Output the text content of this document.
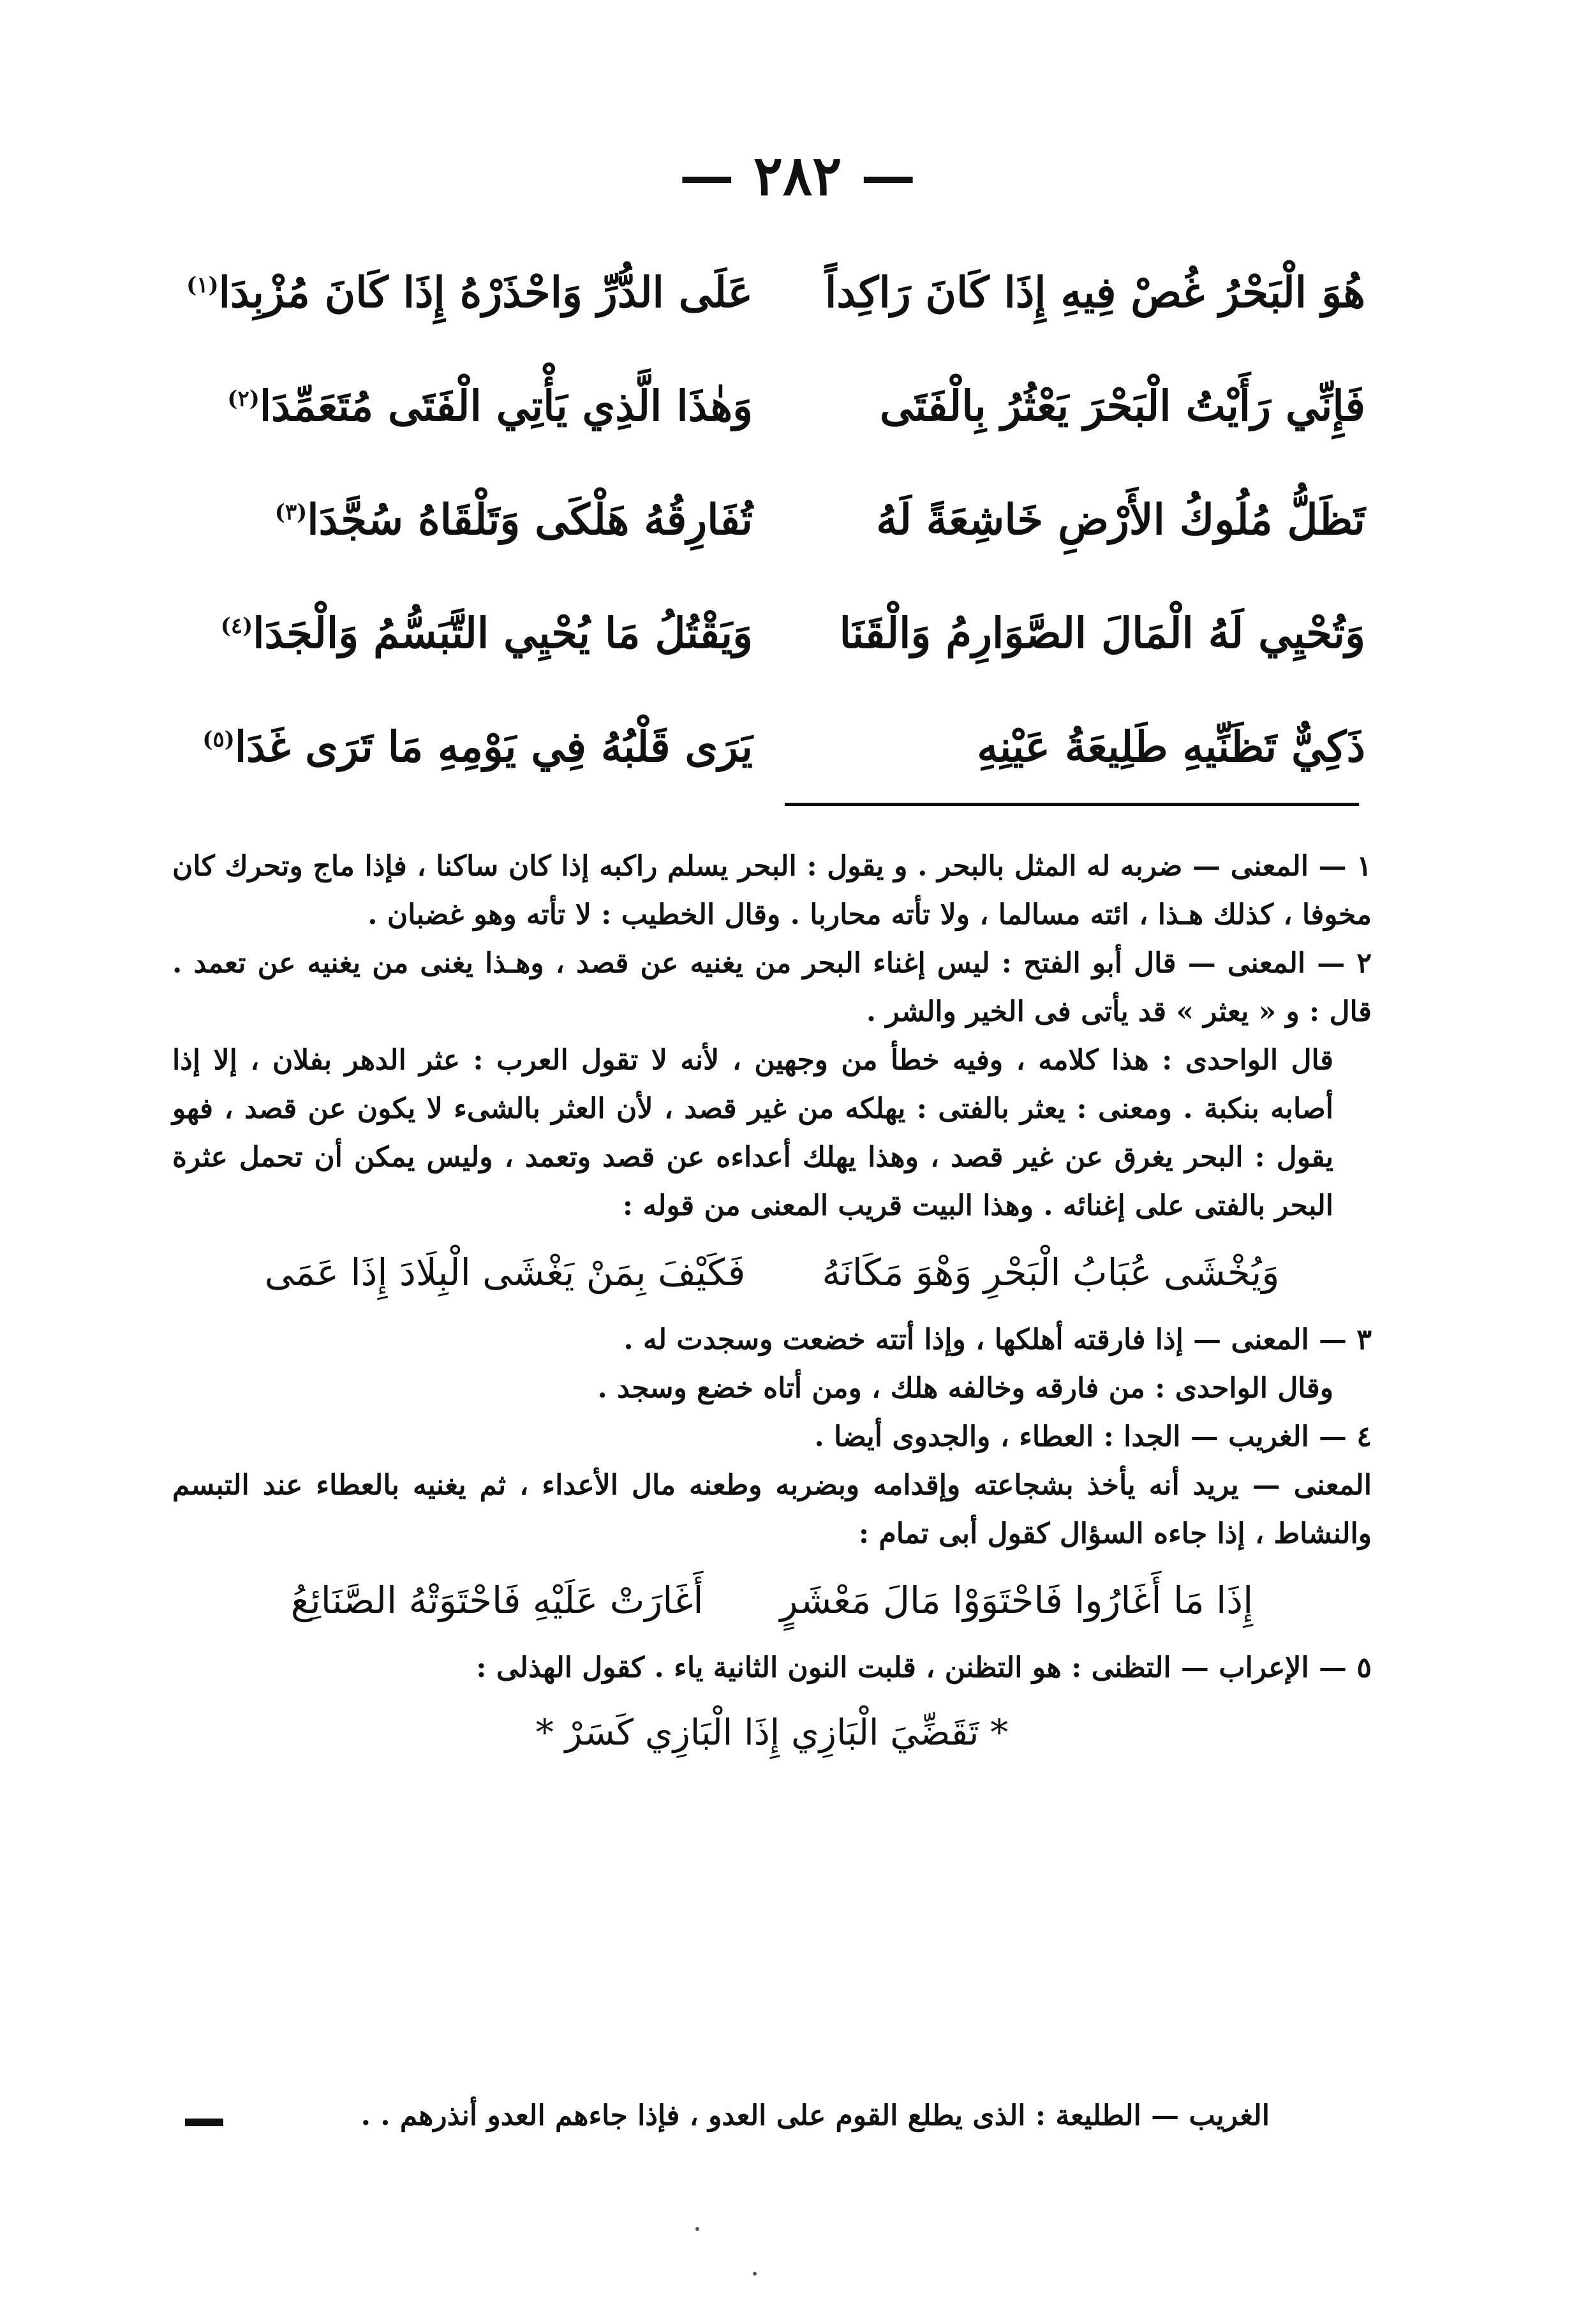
— ٢٨٢ —
هُوَ الْبَحْرُ غُصْ فِيهِ إِذَا كَانَ رَاكِداً
عَلَى الدُّرِّ وَاحْذَرْهُ إِذَا كَانَ مُزْبِدَا$^{(١)}$
فَإِنِّي رَأَيْتُ الْبَحْرَ يَعْثُرُ بِالْفَتَى
وَهٰذَا الَّذِي يَأْتِي الْفَتَى مُتَعَمِّدَا$^{(٢)}$
تَظَلُّ مُلُوكُ الأَرْضِ خَاشِعَةً لَهُ
تُفَارِقُهُ هَلْكَى وَتَلْقَاهُ سُجَّدَا$^{(٣)}$
وَتُحْيِي لَهُ الْمَالَ الصَّوَارِمُ وَالْقَنَا
وَيَقْتُلُ مَا يُحْيِي التَّبَسُّمُ وَالْجَدَا$^{(٤)}$
ذَكِيٌّ تَظَنِّيهِ طَلِيعَةُ عَيْنِهِ
يَرَى قَلْبُهُ فِي يَوْمِهِ مَا تَرَى غَدَا$^{(٥)}$

١ — المعنى — ضربه له المثل بالبحر . و يقول : البحر يسلم راكبه إذا كان ساكنا ، فإذا ماج وتحرك كان مخوفا ، كذلك هـذا ، ائته مسالما ، ولا تأته محاربا . وقال الخطيب : لا تأته وهو غضبان .

٢ — المعنى — قال أبو الفتح : ليس إغناء البحر من يغنيه عن قصد ، وهـذا يغنى من يغنيه عن تعمد . قال : و « يعثر » قد يأتى فى الخير والشر .

قال الواحدى : هذا كلامه ، وفيه خطأ من وجهين ، لأنه لا تقول العرب : عثر الدهر بفلان ، إلا إذا أصابه بنكبة . ومعنى : يعثر بالفتى : يهلكه من غير قصد ، لأن العثر بالشىء لا يكون عن قصد ، فهو يقول : البحر يغرق عن غير قصد ، وهذا يهلك أعداءه عن قصد وتعمد ، وليس يمكن أن تحمل عثرة البحر بالفتى على إغنائه . وهذا البيت قريب المعنى من قوله :

وَيُخْشَى عُبَابُ الْبَحْرِ وَهْوَ مَكَانَهُ
فَكَيْفَ بِمَنْ يَغْشَى الْبِلَادَ إِذَا عَمَى

٣ — المعنى — إذا فارقته أهلكها ، وإذا أتته خضعت وسجدت له .

وقال الواحدى : من فارقه وخالفه هلك ، ومن أتاه خضع وسجد .

٤ — الغريب — الجدا : العطاء ، والجدوى أيضا .

المعنى — يريد أنه يأخذ بشجاعته وإقدامه وبضربه وطعنه مال الأعداء ، ثم يغنيه بالعطاء عند التبسم والنشاط ، إذا جاءه السؤال كقول أبى تمام :

إِذَا مَا أَغَارُوا فَاحْتَوَوْا مَالَ مَعْشَرٍ
أَغَارَتْ عَلَيْهِ فَاحْتَوَتْهُ الصَّنَائِعُ

٥ — الإعراب — التظنى : هو التظنن ، قلبت النون الثانية ياء . كقول الهذلى :

* تَقَضِّيَ الْبَازِي إِذَا الْبَازِي كَسَرْ *
الغريب — الطليعة : الذى يطلع القوم على العدو ، فإذا جاءهم العدو أنذرهم . .
